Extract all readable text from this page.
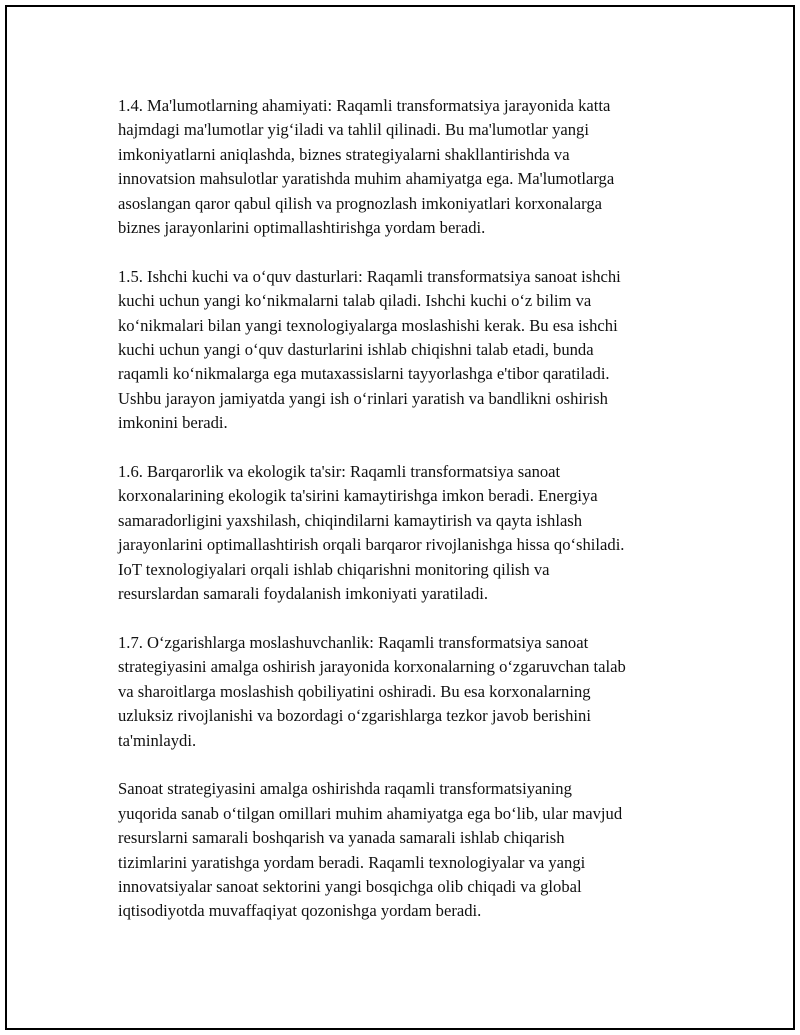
1.4. Ma'lumotlarning ahamiyati: Raqamli transformatsiya jarayonida katta
hajmdagi ma'lumotlar yig‘iladi va tahlil qilinadi. Bu ma'lumotlar yangi
imkoniyatlarni aniqlashda, biznes strategiyalarni shakllantirishda va
innovatsion mahsulotlar yaratishda muhim ahamiyatga ega. Ma'lumotlarga
asoslangan qaror qabul qilish va prognozlash imkoniyatlari korxonalarga
biznes jarayonlarini optimallashtirishga yordam beradi.

1.5. Ishchi kuchi va o‘quv dasturlari: Raqamli transformatsiya sanoat ishchi
kuchi uchun yangi ko‘nikmalarni talab qiladi. Ishchi kuchi o‘z bilim va
ko‘nikmalari bilan yangi texnologiyalarga moslashishi kerak. Bu esa ishchi
kuchi uchun yangi o‘quv dasturlarini ishlab chiqishni talab etadi, bunda
raqamli ko‘nikmalarga ega mutaxassislarni tayyorlashga e'tibor qaratiladi.
Ushbu jarayon jamiyatda yangi ish o‘rinlari yaratish va bandlikni oshirish
imkonini beradi.

1.6. Barqarorlik va ekologik ta'sir: Raqamli transformatsiya sanoat
korxonalarining ekologik ta'sirini kamaytirishga imkon beradi. Energiya
samaradorligini yaxshilash, chiqindilarni kamaytirish va qayta ishlash
jarayonlarini optimallashtirish orqali barqaror rivojlanishga hissa qo‘shiladi.
IoT texnologiyalari orqali ishlab chiqarishni monitoring qilish va
resurslardan samarali foydalanish imkoniyati yaratiladi.

1.7. O‘zgarishlarga moslashuvchanlik: Raqamli transformatsiya sanoat
strategiyasini amalga oshirish jarayonida korxonalarning o‘zgaruvchan talab
va sharoitlarga moslashish qobiliyatini oshiradi. Bu esa korxonalarning
uzluksiz rivojlanishi va bozordagi o‘zgarishlarga tezkor javob berishini
ta'minlaydi.

Sanoat strategiyasini amalga oshirishda raqamli transformatsiyaning
yuqorida sanab o‘tilgan omillari muhim ahamiyatga ega bo‘lib, ular mavjud
resurslarni samarali boshqarish va yanada samarali ishlab chiqarish
tizimlarini yaratishga yordam beradi. Raqamli texnologiyalar va yangi
innovatsiyalar sanoat sektorini yangi bosqichga olib chiqadi va global
iqtisodiyotda muvaffaqiyat qozonishga yordam beradi.
